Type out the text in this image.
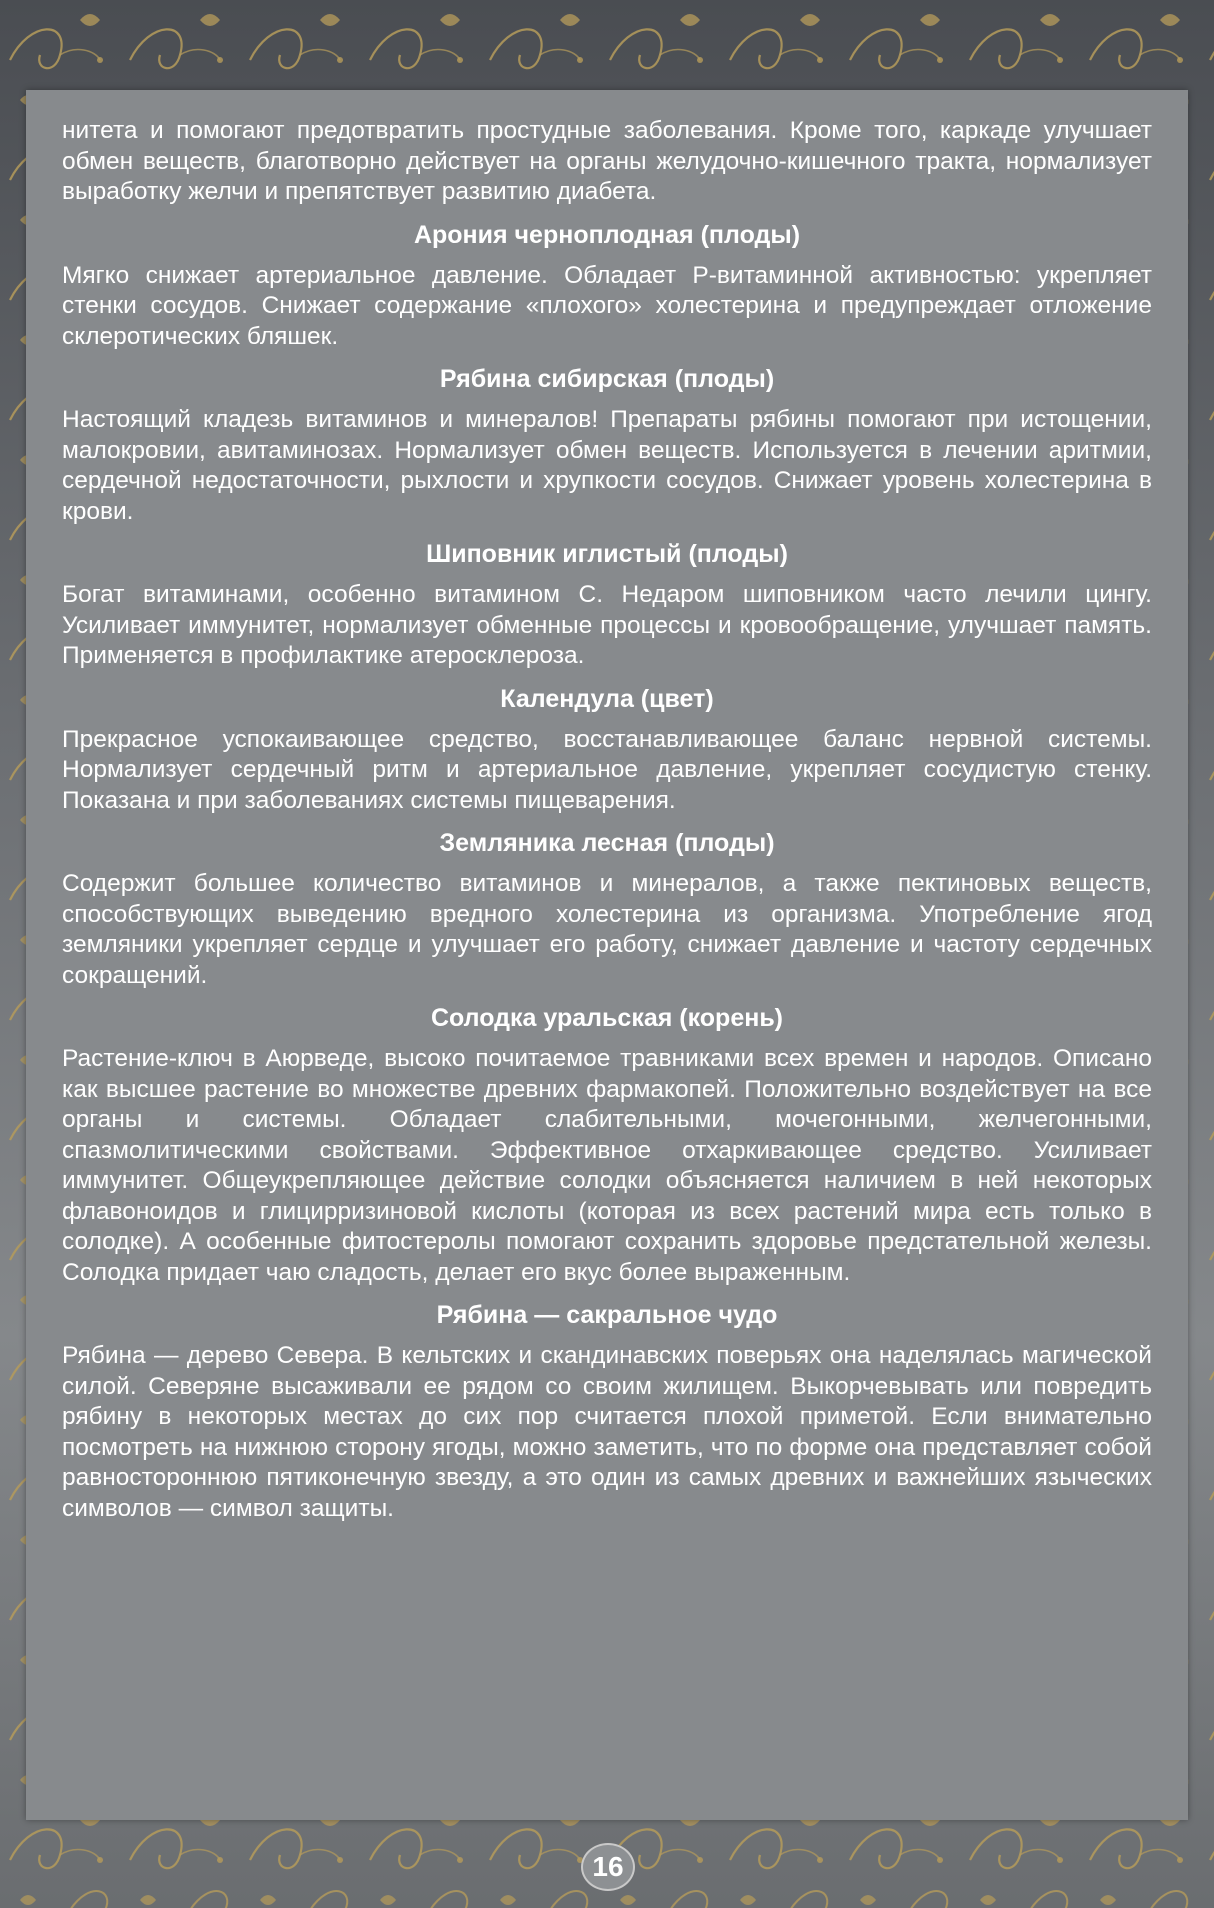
нитета и помогают предотвратить простудные заболевания. Кроме того, каркаде улучшает обмен веществ, благотворно действует на органы желудочно-кишечного тракта, нормализует выработку желчи и препятствует развитию диабета.

Арония черноплодная (плоды)

Мягко снижает артериальное давление. Обладает Р-витаминной активностью: укрепляет стенки сосудов. Снижает содержание «плохого» холестерина и предупреждает отложение склеротических бляшек.

Рябина сибирская (плоды)

Настоящий кладезь витаминов и минералов! Препараты рябины помогают при истощении, малокровии, авитаминозах. Нормализует обмен веществ. Используется в лечении аритмии, сердечной недостаточности, рыхлости и хрупкости сосудов. Снижает уровень холестерина в крови.

Шиповник иглистый (плоды)

Богат витаминами, особенно витамином С. Недаром шиповником часто лечили цингу. Усиливает иммунитет, нормализует обменные процессы и кровообращение, улучшает память. Применяется в профилактике атеросклероза.

Календула (цвет)

Прекрасное успокаивающее средство, восстанавливающее баланс нервной системы. Нормализует сердечный ритм и артериальное давление, укрепляет сосудистую стенку. Показана и при заболеваниях системы пищеварения.

Земляника лесная (плоды)

Содержит большее количество витаминов и минералов, а также пектиновых веществ, способствующих выведению вредного холестерина из организма. Употребление ягод земляники укрепляет сердце и улучшает его работу, снижает давление и частоту сердечных сокращений.

Солодка уральская (корень)

Растение-ключ в Аюрведе, высоко почитаемое травниками всех времен и народов. Описано как высшее растение во множестве древних фармакопей. Положительно воздействует на все органы и системы. Обладает слабительными, мочегонными, желчегонными, спазмолитическими свойствами. Эффективное отхаркивающее средство. Усиливает иммунитет. Общеукрепляющее действие солодки объясняется наличием в ней некоторых флавоноидов и глицирризиновой кислоты (которая из всех растений мира есть только в солодке). А особенные фитостеролы помогают сохранить здоровье предстательной железы. Солодка придает чаю сладость, делает его вкус более выраженным.

Рябина — сакральное чудо

Рябина — дерево Севера. В кельтских и скандинавских поверьях она наделялась магической силой. Северяне высаживали ее рядом со своим жилищем. Выкорчевывать или повредить рябину в некоторых местах до сих пор считается плохой приметой. Если внимательно посмотреть на нижнюю сторону ягоды, можно заметить, что по форме она представляет собой равностороннюю пятиконечную звезду, а это один из самых древних и важнейших языческих символов — символ защиты.

16
